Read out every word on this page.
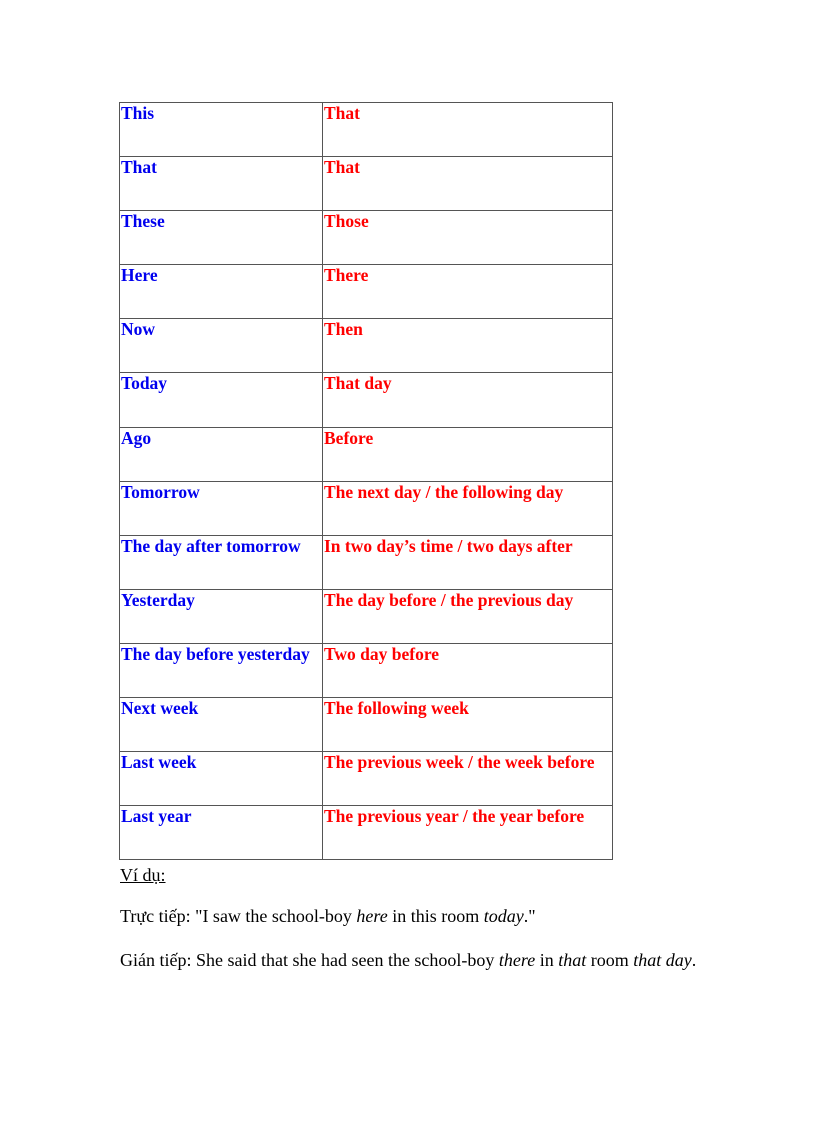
This	That
That	That
These	Those
Here	There
Now	Then
Today	That day
Ago	Before
Tomorrow	The next day / the following day
The day after tomorrow	In two day’s time / two days after
Yesterday	The day before / the previous day
The day before yesterday	Two day before
Next week	The following week
Last week	The previous week / the week before
Last year	The previous year / the year before
Ví dụ:

Trực tiếp: "I saw the school-boy here in this room today."

Gián tiếp: She said that she had seen the school-boy there in that room that day.
